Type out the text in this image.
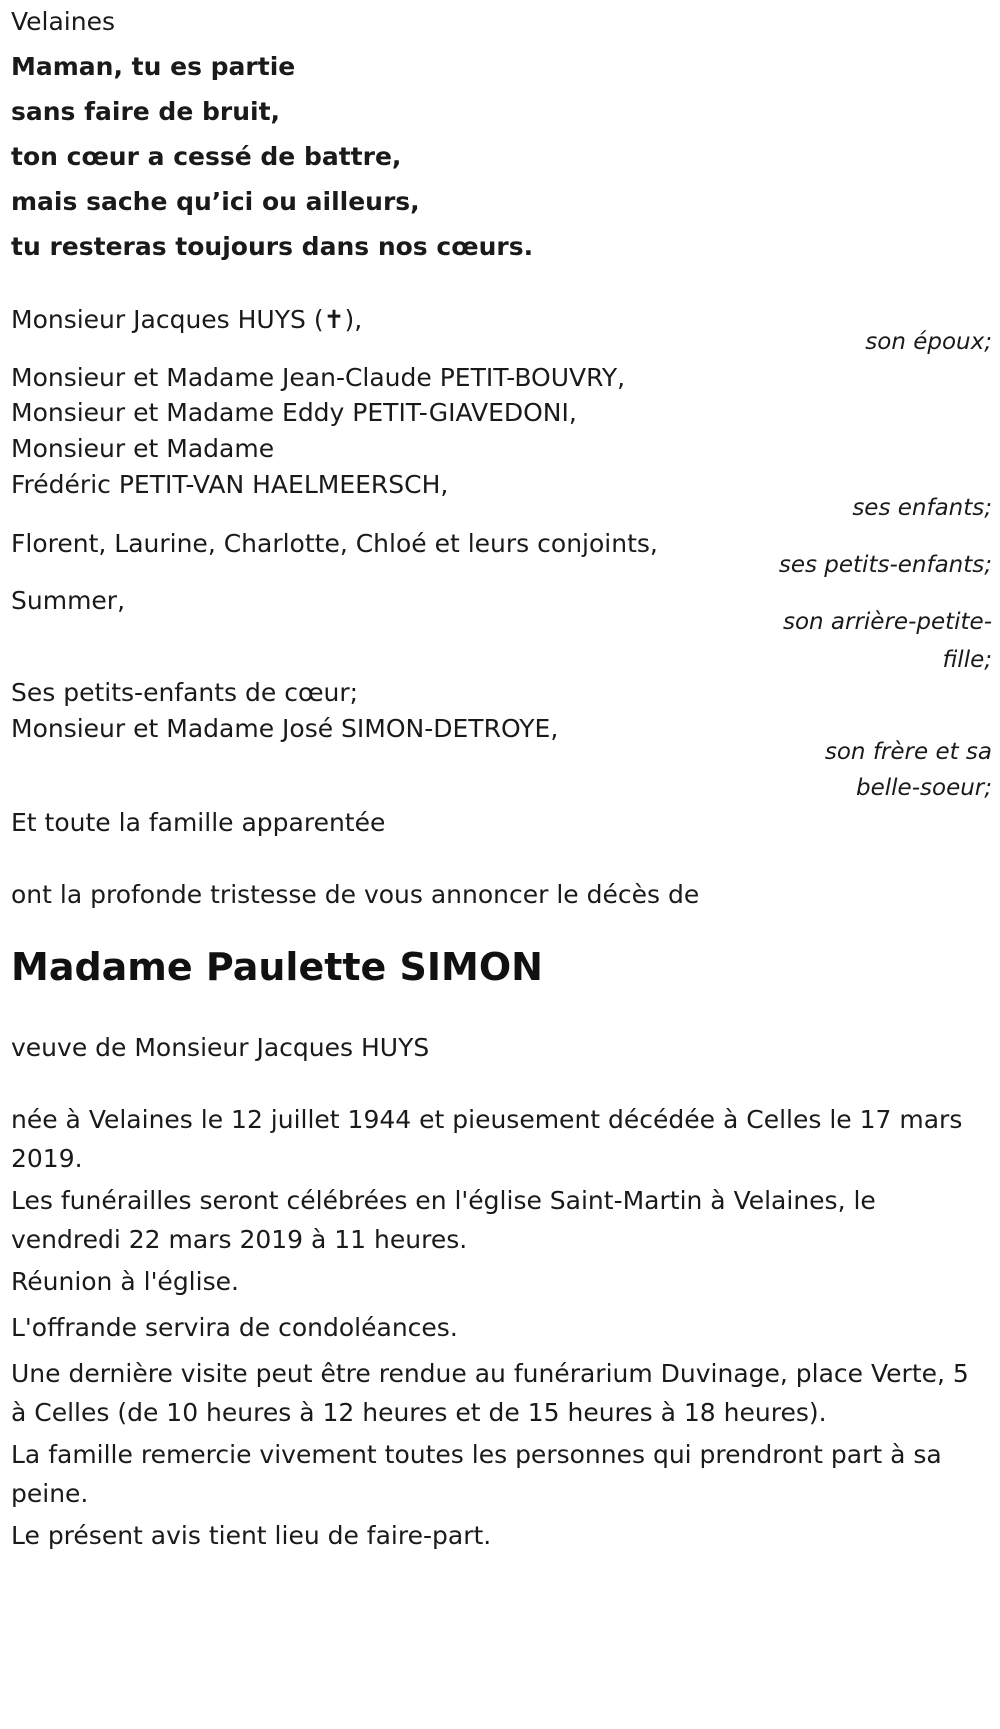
Velaines

Maman, tu es partie

sans faire de bruit,

ton cœur a cessé de battre,

mais sache qu’ici ou ailleurs,

tu resteras toujours dans nos cœurs.

Monsieur Jacques HUYS (✝),

son époux;

Monsieur et Madame Jean-Claude PETIT-BOUVRY,

Monsieur et Madame Eddy PETIT-GIAVEDONI,

Monsieur et Madame

Frédéric PETIT-VAN HAELMEERSCH,

ses enfants;

Florent, Laurine, Charlotte, Chloé et leurs conjoints,

ses petits-enfants;

Summer,

son arrière-petite-

fille;

Ses petits-enfants de cœur;

Monsieur et Madame José SIMON-DETROYE,

son frère et sa

belle-soeur;

Et toute la famille apparentée

ont la profonde tristesse de vous annoncer le décès de

Madame Paulette SIMON

veuve de Monsieur Jacques HUYS

née à Velaines le 12 juillet 1944 et pieusement décédée à Celles le 17 mars 2019.

Les funérailles seront célébrées en l'église Saint-Martin à Velaines, le vendredi 22 mars 2019 à 11 heures.

Réunion à l'église.

L'offrande servira de condoléances.

Une dernière visite peut être rendue au funérarium Duvinage, place Verte, 5 à Celles (de 10 heures à 12 heures et de 15 heures à 18 heures).

La famille remercie vivement toutes les personnes qui prendront part à sa peine.

Le présent avis tient lieu de faire-part.
